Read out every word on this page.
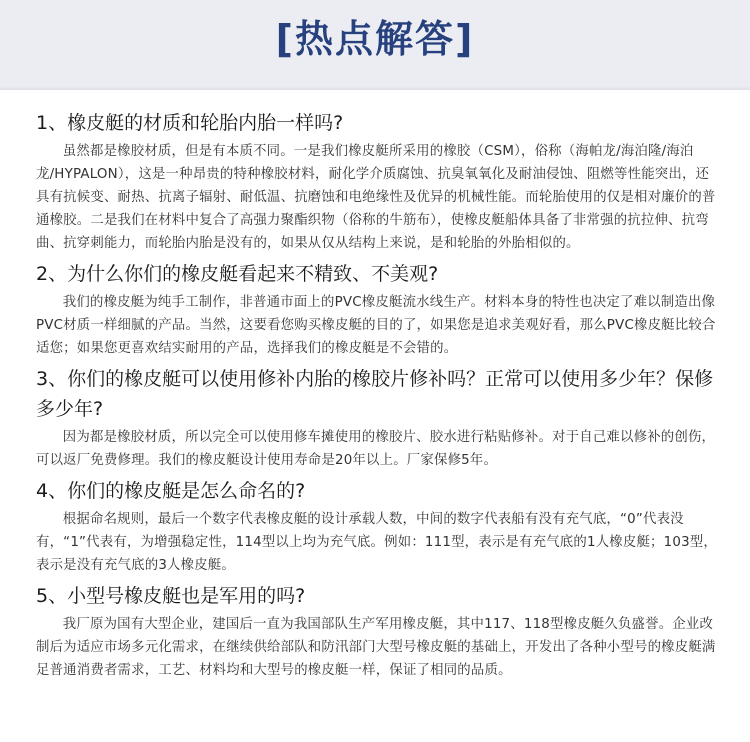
[热点解答]

1、橡皮艇的材质和轮胎内胎一样吗?

虽然都是橡胶材质，但是有本质不同。一是我们橡皮艇所采用的橡胶（CSM），俗称（海帕龙/海泊隆/海泊龙/HYPALON），这是一种昂贵的特种橡胶材料，耐化学介质腐蚀、抗臭氧氧化及耐油侵蚀、阻燃等性能突出，还具有抗候变、耐热、抗离子辐射、耐低温、抗磨蚀和电绝缘性及优异的机械性能。而轮胎使用的仅是相对廉价的普通橡胶。二是我们在材料中复合了高强力聚酯织物（俗称的牛筋布），使橡皮艇船体具备了非常强的抗拉伸、抗弯曲、抗穿刺能力，而轮胎内胎是没有的，如果从仅从结构上来说，是和轮胎的外胎相似的。

2、为什么你们的橡皮艇看起来不精致、不美观?

我们的橡皮艇为纯手工制作，非普通市面上的PVC橡皮艇流水线生产。材料本身的特性也决定了难以制造出像PVC材质一样细腻的产品。当然，这要看您购买橡皮艇的目的了，如果您是追求美观好看，那么PVC橡皮艇比较合适您；如果您更喜欢结实耐用的产品，选择我们的橡皮艇是不会错的。

3、你们的橡皮艇可以使用修补内胎的橡胶片修补吗？正常可以使用多少年？保修多少年?

因为都是橡胶材质，所以完全可以使用修车摊使用的橡胶片、胶水进行粘贴修补。对于自己难以修补的创伤，可以返厂免费修理。我们的橡皮艇设计使用寿命是20年以上。厂家保修5年。

4、你们的橡皮艇是怎么命名的?

根据命名规则，最后一个数字代表橡皮艇的设计承载人数，中间的数字代表船有没有充气底，“0”代表没有，“1”代表有，为增强稳定性，114型以上均为充气底。例如：111型，表示是有充气底的1人橡皮艇；103型，表示是没有充气底的3人橡皮艇。

5、小型号橡皮艇也是军用的吗?

我厂原为国有大型企业，建国后一直为我国部队生产军用橡皮艇，其中117、118型橡皮艇久负盛誉。企业改制后为适应市场多元化需求，在继续供给部队和防汛部门大型号橡皮艇的基础上，开发出了各种小型号的橡皮艇满足普通消费者需求，工艺、材料均和大型号的橡皮艇一样，保证了相同的品质。
